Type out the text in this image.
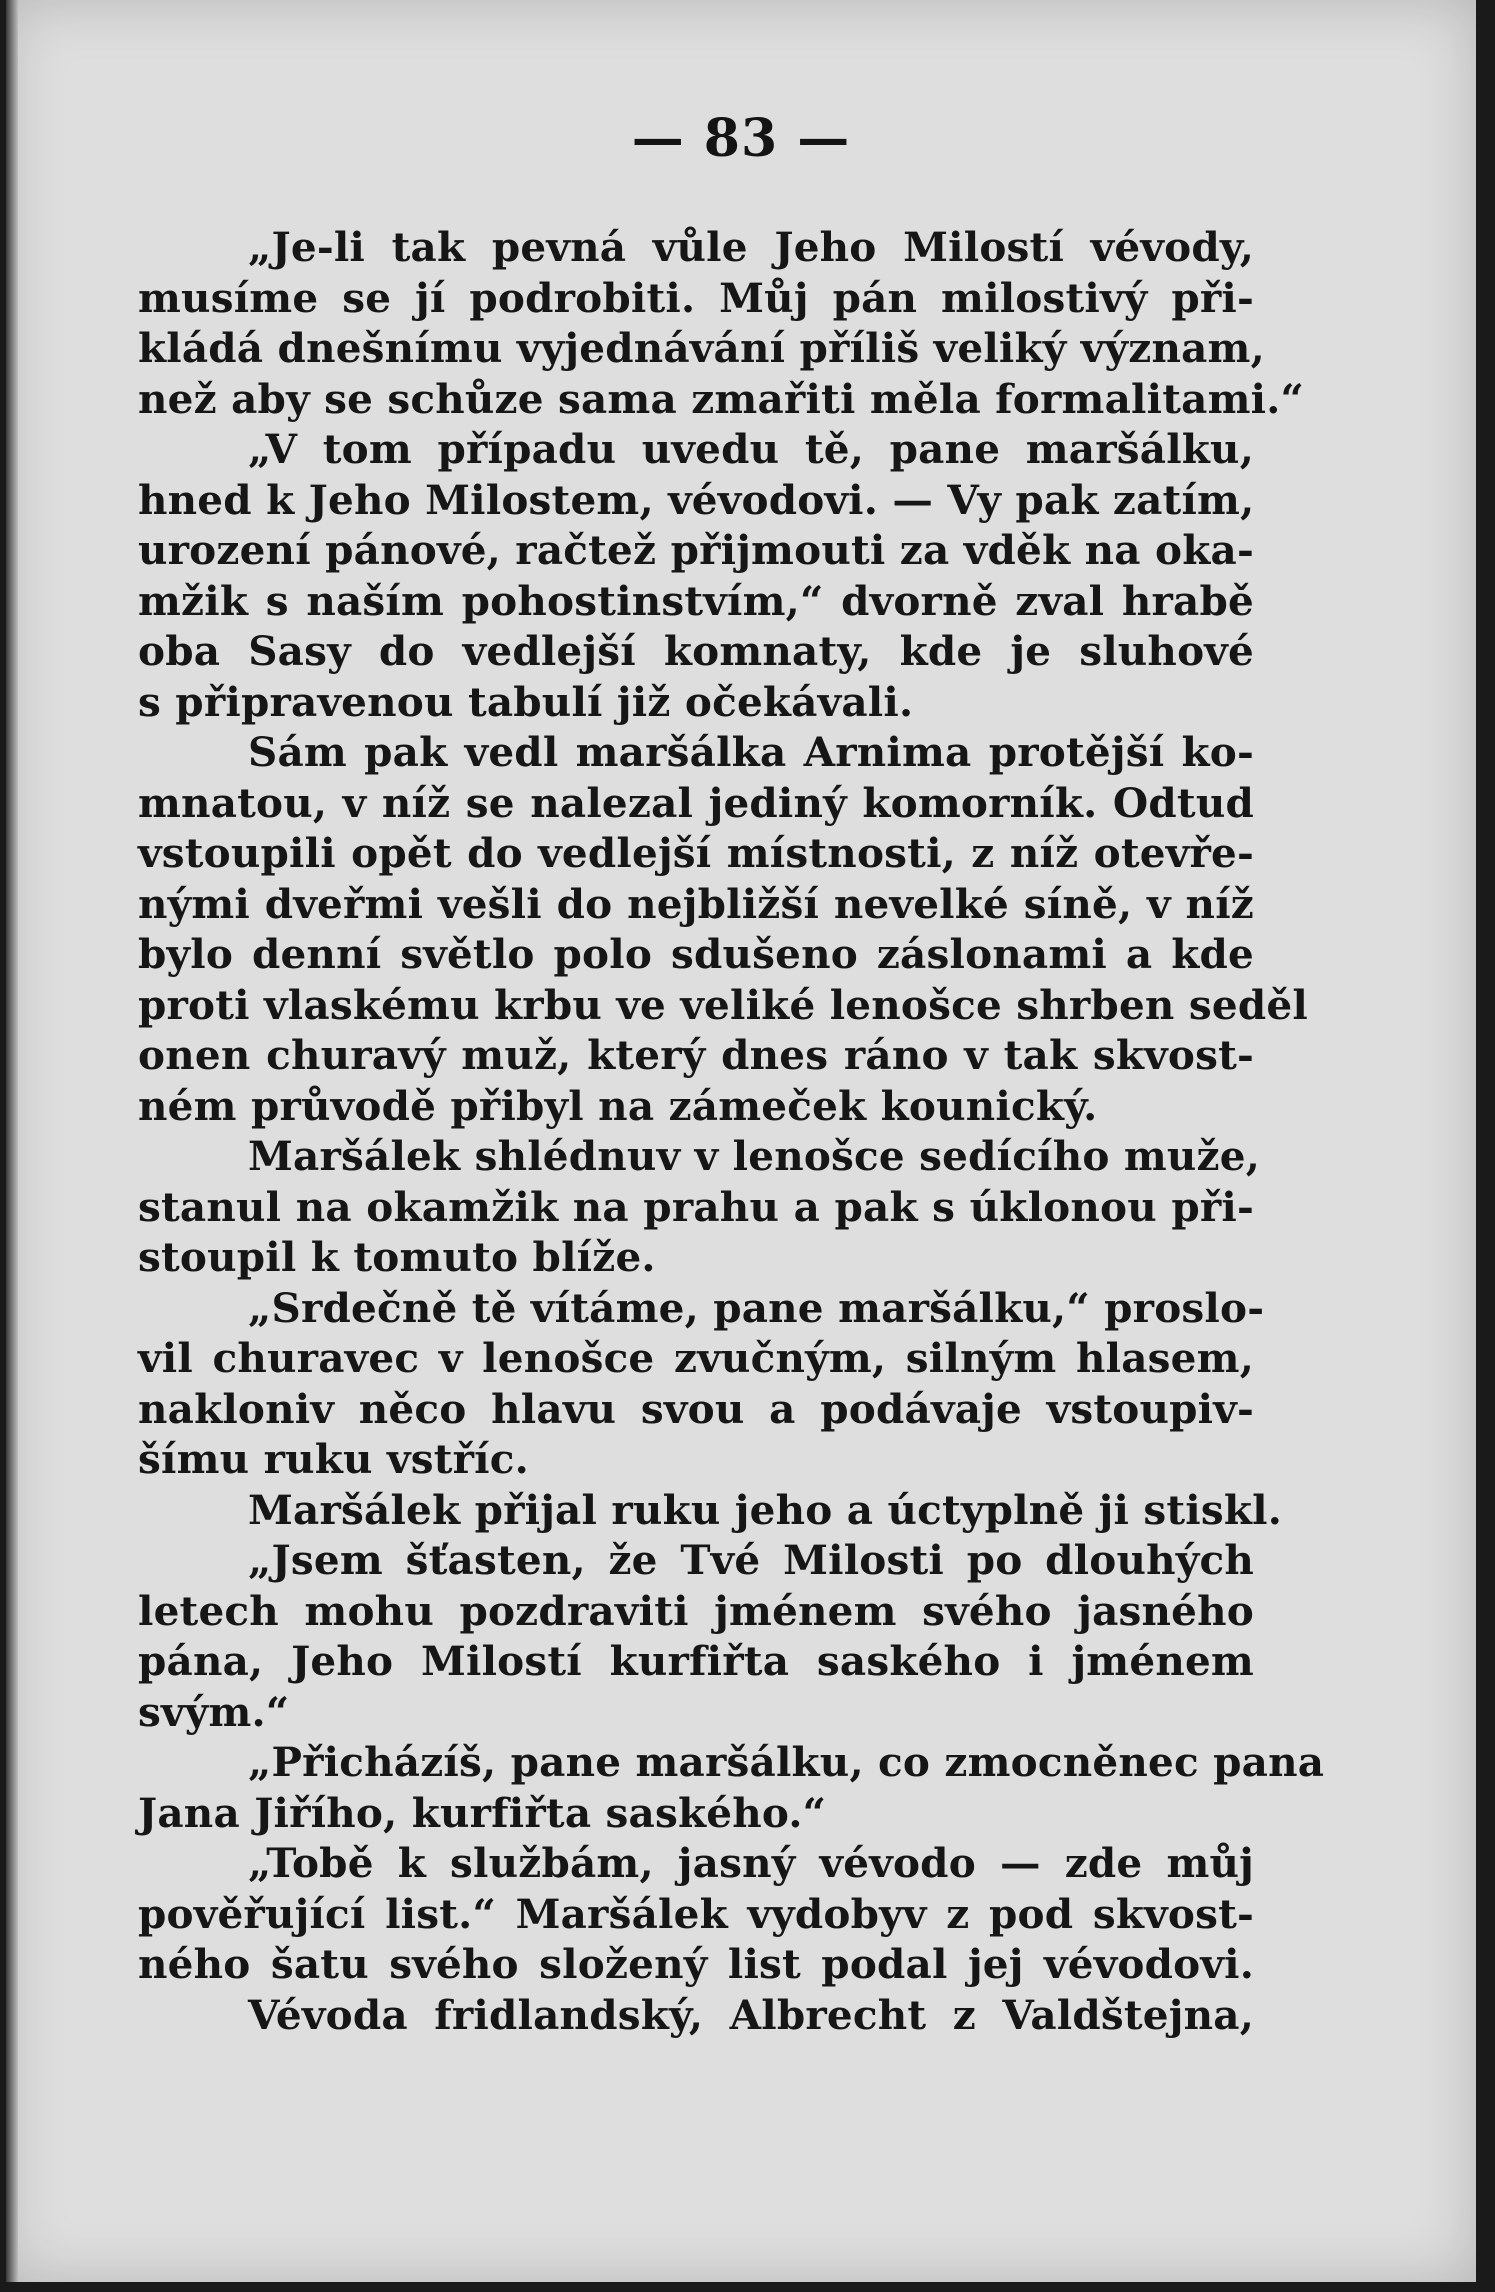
— 83 —
„Je-li tak pevná vůle Jeho Milostí vévody,
musíme se jí podrobiti. Můj pán milostivý při-
kládá dnešnímu vyjednávání příliš veliký význam,
než aby se schůze sama zmařiti měla formalitami.“
„V tom případu uvedu tě, pane maršálku,
hned k Jeho Milostem, vévodovi. — Vy pak zatím,
urození pánové, račtež přijmouti za vděk na oka-
mžik s naším pohostinstvím,“ dvorně zval hrabě
oba Sasy do vedlejší komnaty, kde je sluhové
s připravenou tabulí již očekávali.
Sám pak vedl maršálka Arnima protější ko-
mnatou, v níž se nalezal jediný komorník. Odtud
vstoupili opět do vedlejší místnosti, z níž otevře-
nými dveřmi vešli do nejbližší nevelké síně, v níž
bylo denní světlo polo sdušeno záslonami a kde
proti vlaskému krbu ve veliké lenošce shrben seděl
onen churavý muž, který dnes ráno v tak skvost-
ném průvodě přibyl na zámeček kounický.
Maršálek shlédnuv v lenošce sedícího muže,
stanul na okamžik na prahu a pak s úklonou při-
stoupil k tomuto blíže.
„Srdečně tě vítáme, pane maršálku,“ proslo-
vil churavec v lenošce zvučným, silným hlasem,
nakloniv něco hlavu svou a podávaje vstoupiv-
šímu ruku vstříc.
Maršálek přijal ruku jeho a úctyplně ji stiskl.
„Jsem šťasten, že Tvé Milosti po dlouhých
letech mohu pozdraviti jménem svého jasného
pána, Jeho Milostí kurfiřta saského i jménem
svým.“
„Přicházíš, pane maršálku, co zmocněnec pana
Jana Jiřího, kurfiřta saského.“
„Tobě k službám, jasný vévodo — zde můj
pověřující list.“ Maršálek vydobyv z pod skvost-
ného šatu svého složený list podal jej vévodovi.
Vévoda fridlandský, Albrecht z Valdštejna,
